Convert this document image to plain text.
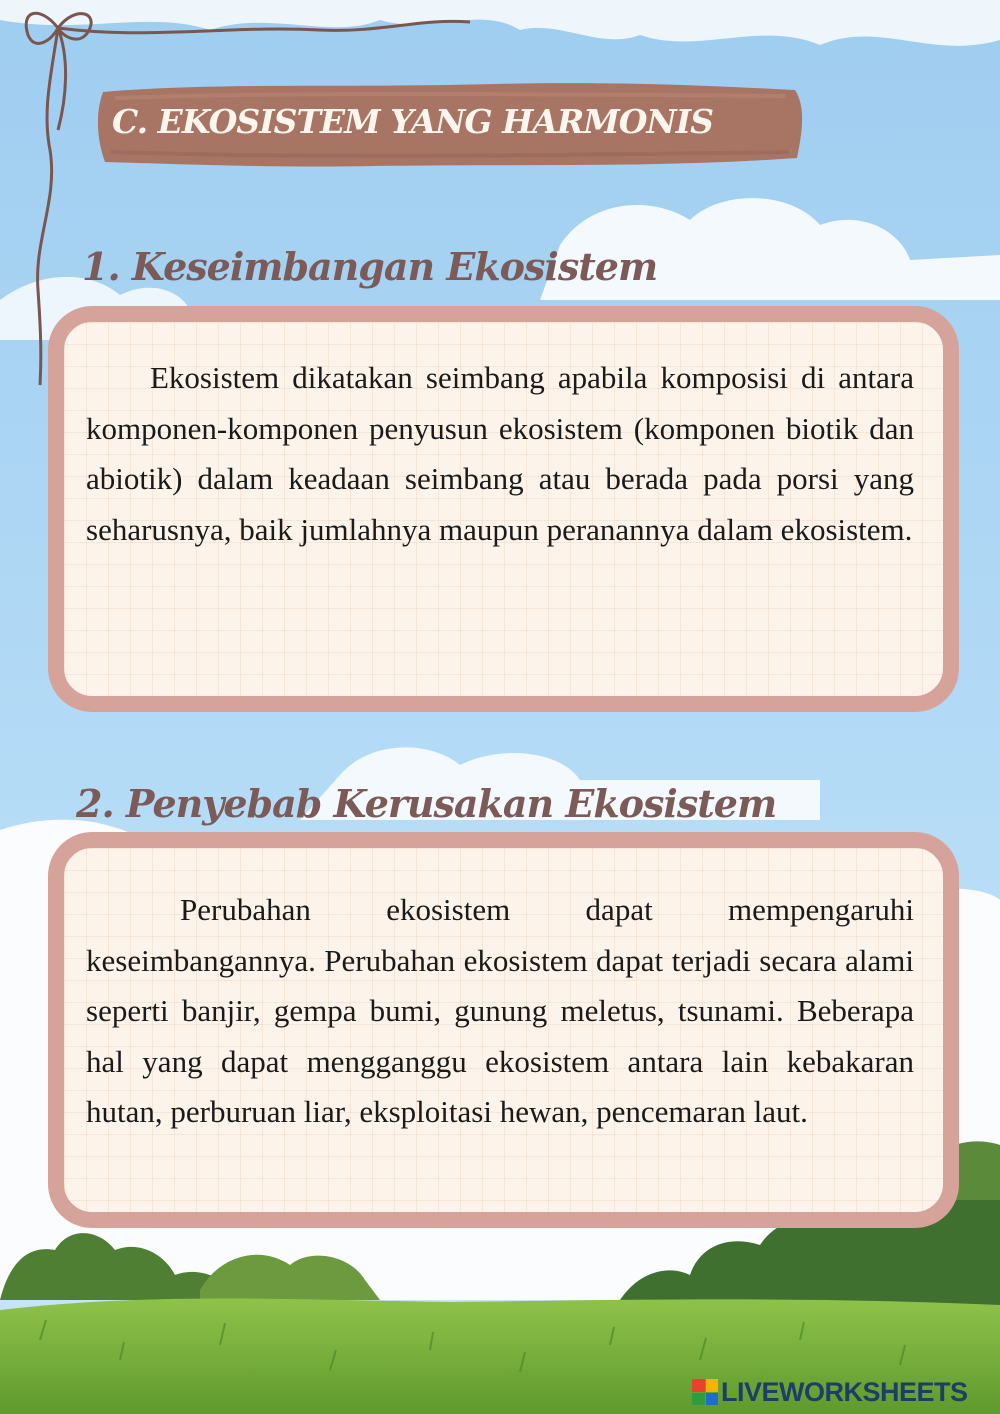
C. EKOSISTEM YANG HARMONIS
1. Keseimbangan Ekosistem

Ekosistem dikatakan seimbang apabila komposisi di antara komponen-komponen penyusun ekosistem (komponen biotik dan abiotik) dalam keadaan seimbang atau berada pada porsi yang seharusnya, baik jumlahnya maupun peranannya dalam ekosistem.

2. Penyebab Kerusakan Ekosistem

Perubahan ekosistem dapat mempengaruhi keseimbangannya. Perubahan ekosistem dapat terjadi secara alami seperti banjir, gempa bumi, gunung meletus, tsunami. Beberapa hal yang dapat mengganggu ekosistem antara lain kebakaran hutan, perburuan liar, eksploitasi hewan, pencemaran laut.

LIVEWORKSHEETS
